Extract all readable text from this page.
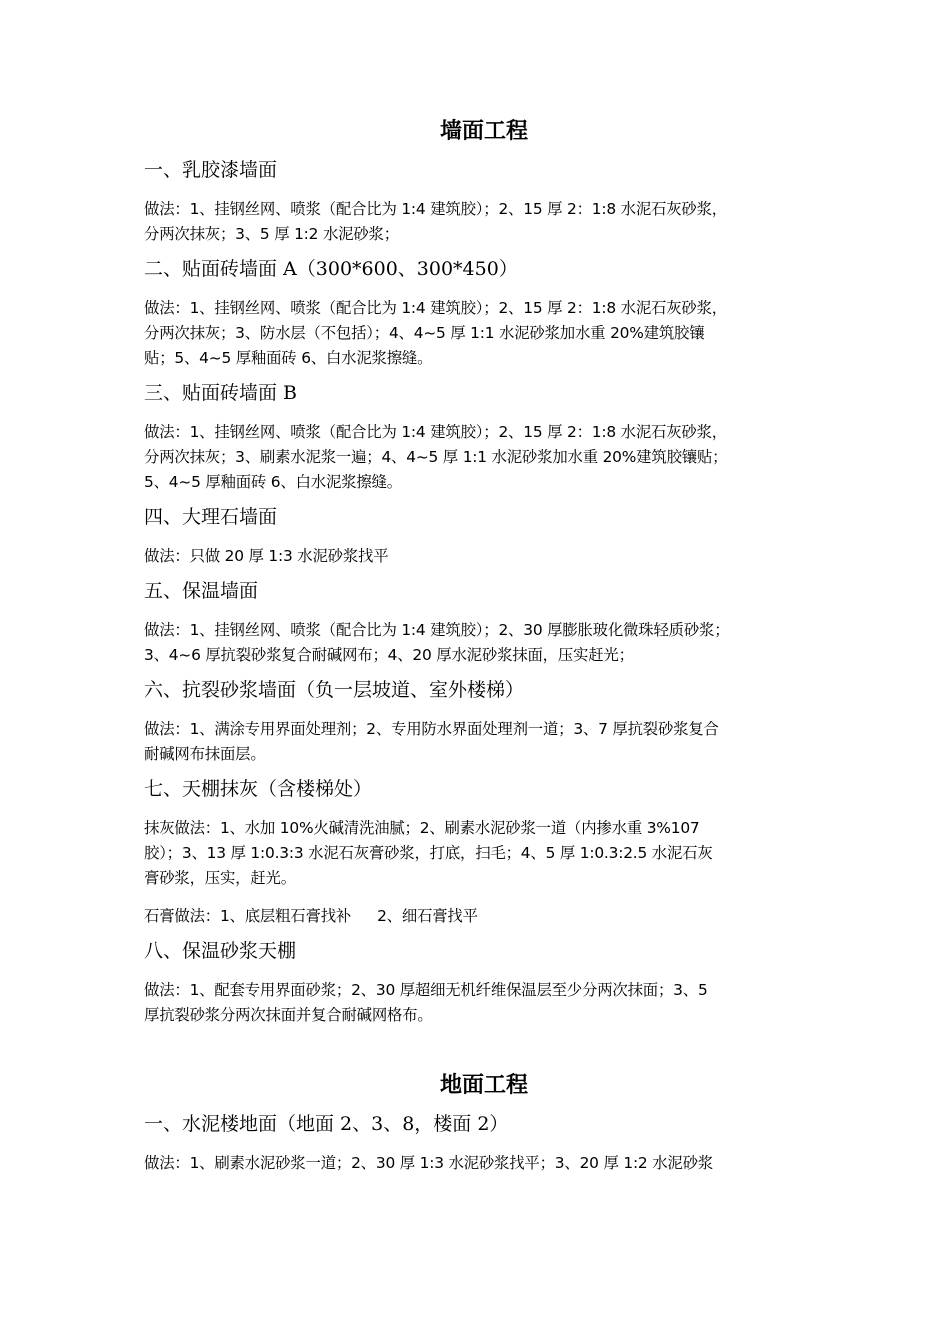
墙面工程
一、乳胶漆墙面
做法：1、挂钢丝网、喷浆（配合比为 1:4 建筑胶）；2、15 厚 2：1:8 水泥石灰砂浆，
分两次抹灰；3、5 厚 1:2 水泥砂浆；
二、贴面砖墙面 A（300*600、300*450）
做法：1、挂钢丝网、喷浆（配合比为 1:4 建筑胶）；2、15 厚 2：1:8 水泥石灰砂浆，
分两次抹灰；3、防水层（不包括）；4、4~5 厚 1:1 水泥砂浆加水重 20%建筑胶镶
贴；5、4~5 厚釉面砖 6、白水泥浆擦缝。
三、贴面砖墙面 B
做法：1、挂钢丝网、喷浆（配合比为 1:4 建筑胶）；2、15 厚 2：1:8 水泥石灰砂浆，
分两次抹灰；3、刷素水泥浆一遍；4、4~5 厚 1:1 水泥砂浆加水重 20%建筑胶镶贴；
5、4~5 厚釉面砖 6、白水泥浆擦缝。
四、大理石墙面
做法：只做 20 厚 1:3 水泥砂浆找平
五、保温墙面
做法：1、挂钢丝网、喷浆（配合比为 1:4 建筑胶）；2、30 厚膨胀玻化微珠轻质砂浆；
3、4~6 厚抗裂砂浆复合耐碱网布；4、20 厚水泥砂浆抹面，压实赶光；
六、抗裂砂浆墙面（负一层坡道、室外楼梯）
做法：1、满涂专用界面处理剂；2、专用防水界面处理剂一道；3、7 厚抗裂砂浆复合
耐碱网布抹面层。
七、天棚抹灰（含楼梯处）
抹灰做法：1、水加 10%火碱清洗油腻；2、刷素水泥砂浆一道（内掺水重 3%107
胶）；3、13 厚 1:0.3:3 水泥石灰膏砂浆，打底，扫毛；4、5 厚 1:0.3:2.5 水泥石灰
膏砂浆，压实，赶光。
石膏做法：1、底层粗石膏找补 2、细石膏找平
八、保温砂浆天棚
做法：1、配套专用界面砂浆；2、30 厚超细无机纤维保温层至少分两次抹面；3、5
厚抗裂砂浆分两次抹面并复合耐碱网格布。
地面工程
一、水泥楼地面（地面 2、3、8，楼面 2）
做法：1、刷素水泥砂浆一道；2、30 厚 1:3 水泥砂浆找平；3、20 厚 1:2 水泥砂浆
